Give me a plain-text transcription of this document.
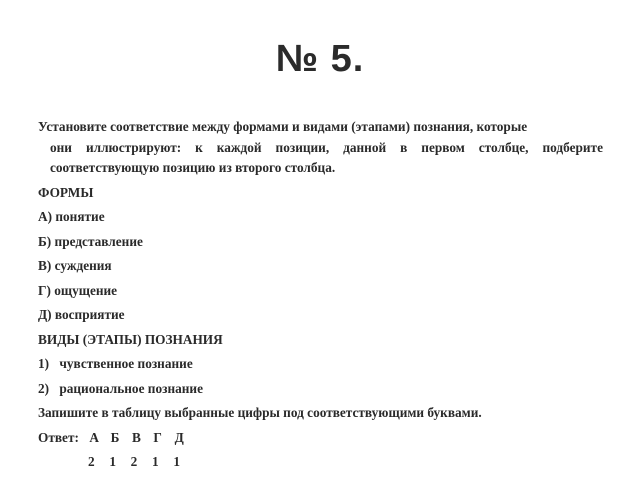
№ 5.
Установите соответствие между формами и видами (этапами) познания, которые
они иллюстрируют: к каждой позиции, данной в первом столбце, подберите соответствующую позицию из второго столбца.
ФОРМЫ
А) понятие
Б) представление
В) суждения
Г) ощущение
Д) восприятие
ВИДЫ (ЭТАПЫ) ПОЗНАНИЯ
1) чувственное познание
2) рациональное познание
Запишите в таблицу выбранные цифры под соответствующими буквами.
Ответ: А Б В Г Д
2 1 2 1 1
